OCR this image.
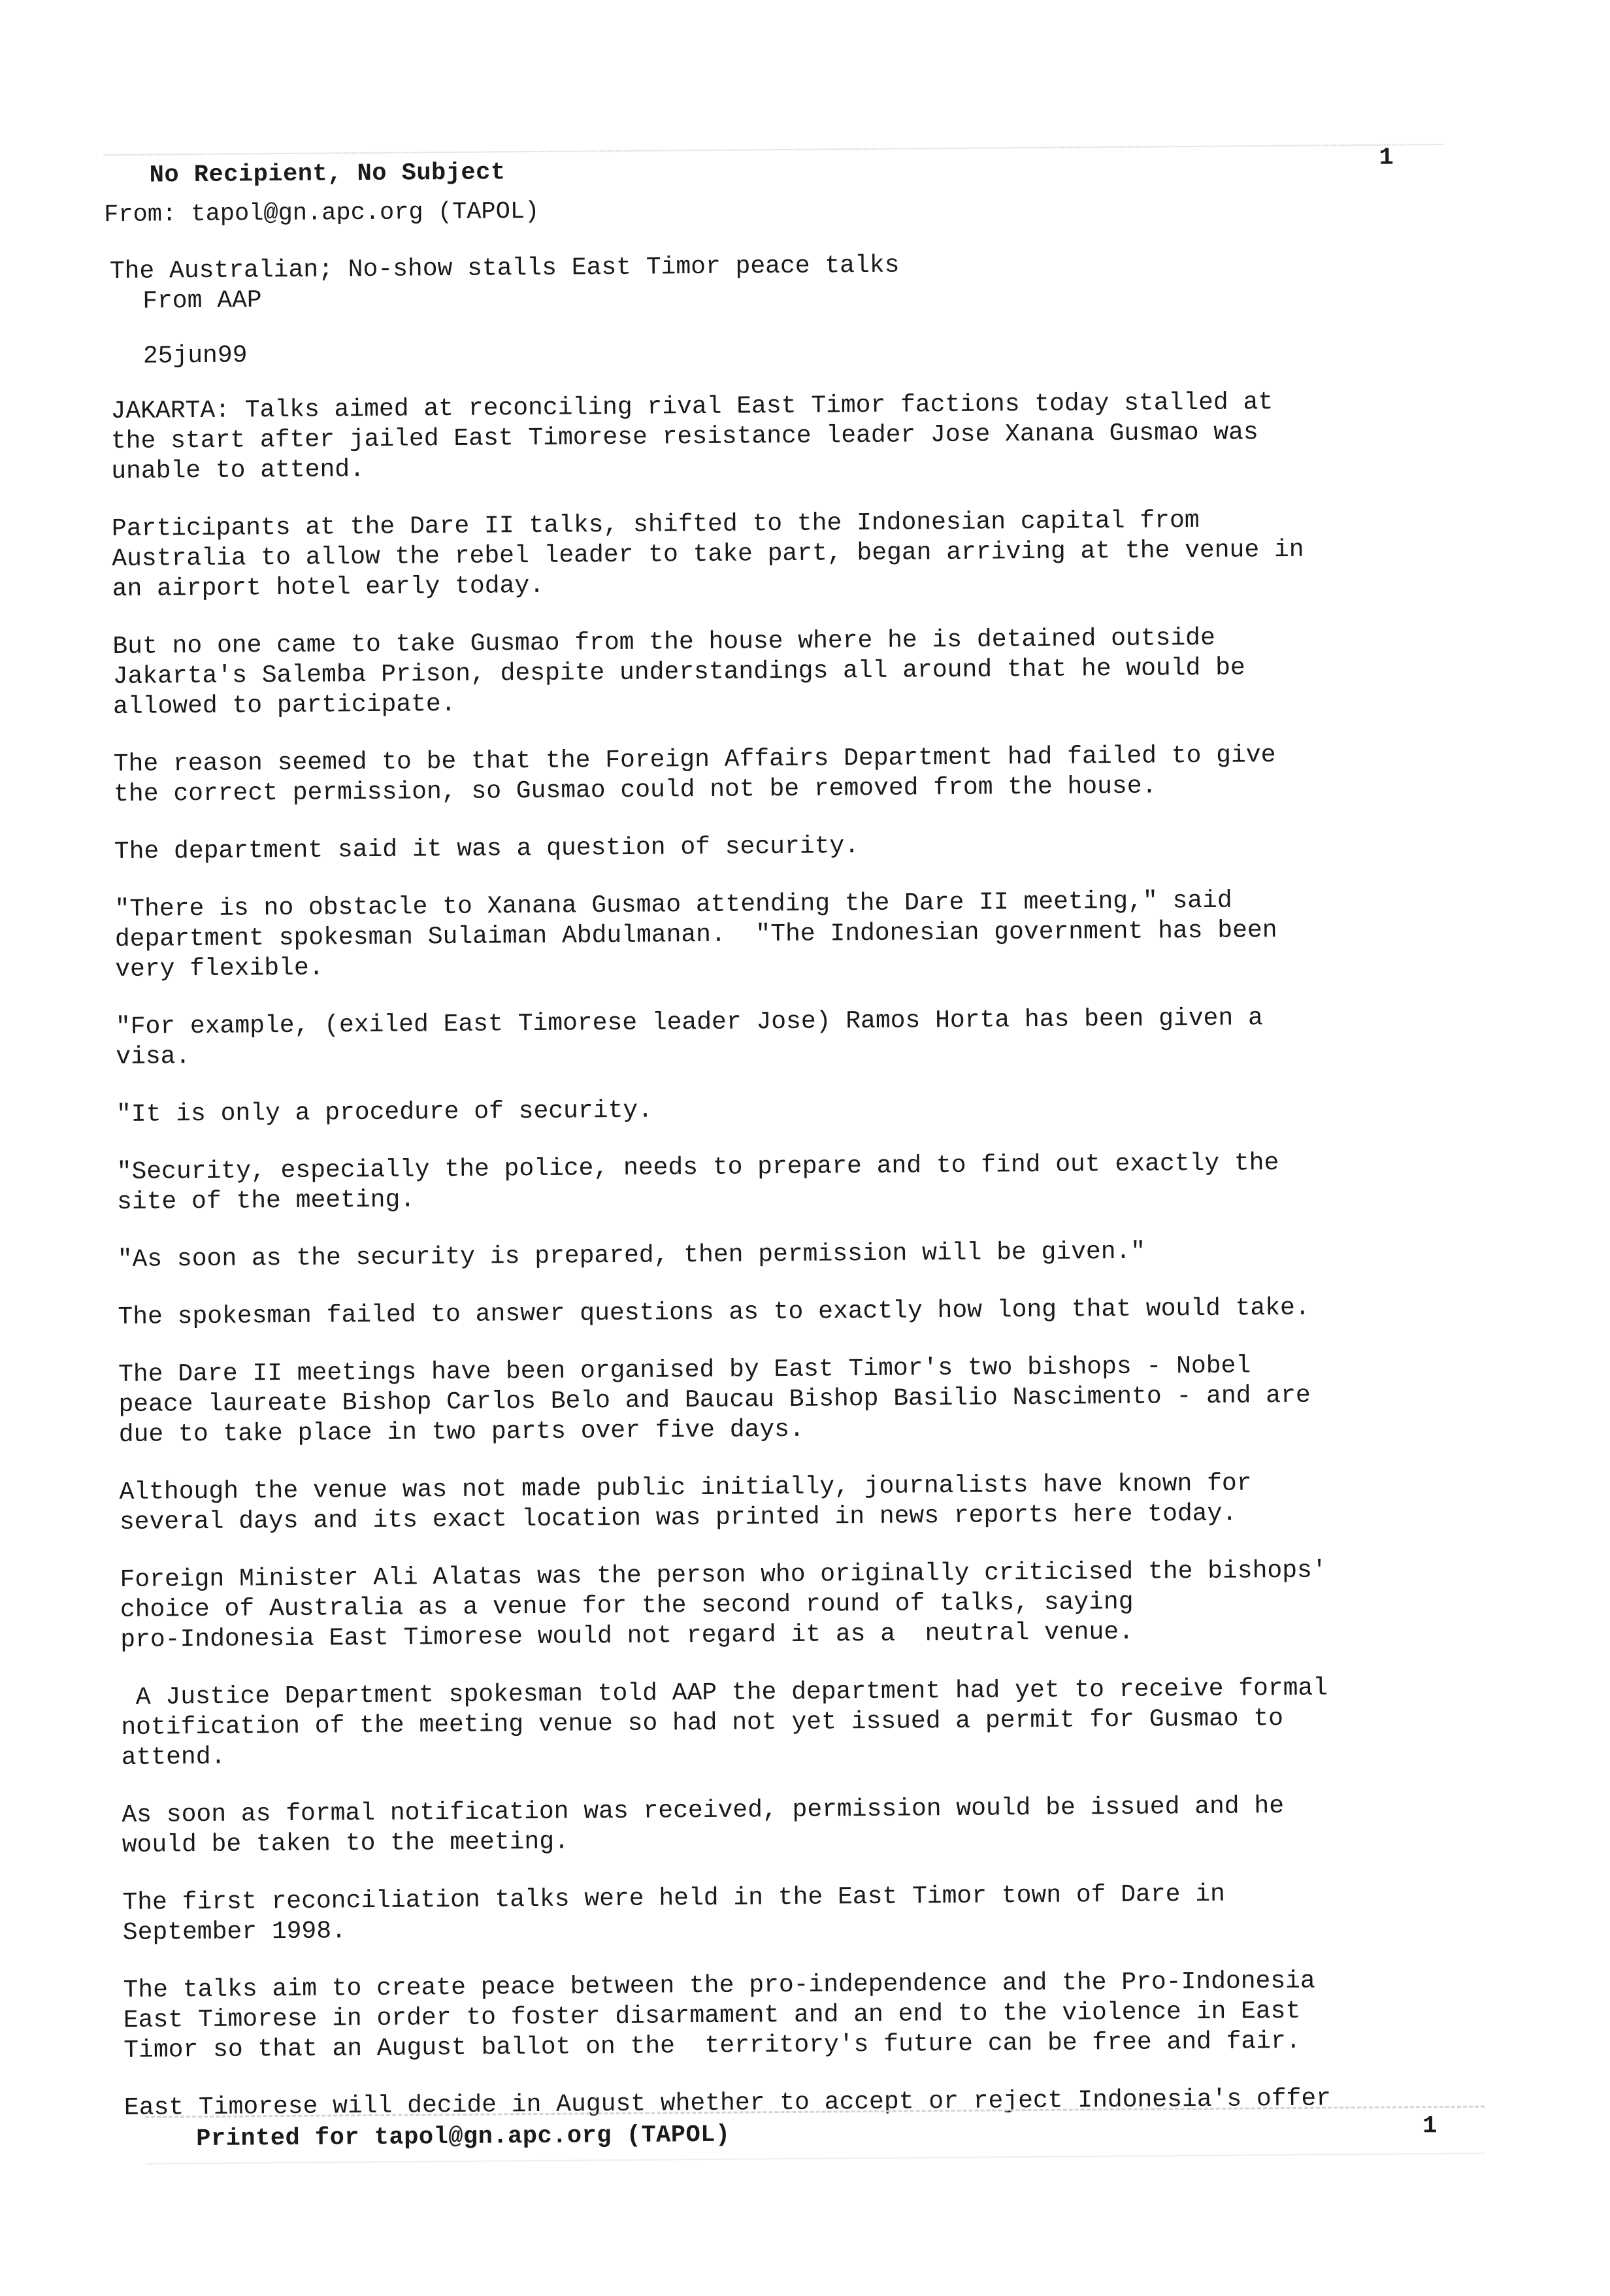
No Recipient, No Subject
1
From: tapol@gn.apc.org (TAPOL)

The Australian; No-show stalls East Timor peace talks

From AAP

25jun99

JAKARTA: Talks aimed at reconciling rival East Timor factions today stalled at
the start after jailed East Timorese resistance leader Jose Xanana Gusmao was
unable to attend.

Participants at the Dare II talks, shifted to the Indonesian capital from
Australia to allow the rebel leader to take part, began arriving at the venue in
an airport hotel early today.

But no one came to take Gusmao from the house where he is detained outside
Jakarta's Salemba Prison, despite understandings all around that he would be
allowed to participate.

The reason seemed to be that the Foreign Affairs Department had failed to give
the correct permission, so Gusmao could not be removed from the house.

The department said it was a question of security.

"There is no obstacle to Xanana Gusmao attending the Dare II meeting," said
department spokesman Sulaiman Abdulmanan.  "The Indonesian government has been
very flexible.

"For example, (exiled East Timorese leader Jose) Ramos Horta has been given a
visa.

"It is only a procedure of security.

"Security, especially the police, needs to prepare and to find out exactly the
site of the meeting.

"As soon as the security is prepared, then permission will be given."

The spokesman failed to answer questions as to exactly how long that would take.

The Dare II meetings have been organised by East Timor's two bishops - Nobel
peace laureate Bishop Carlos Belo and Baucau Bishop Basilio Nascimento - and are
due to take place in two parts over five days.

Although the venue was not made public initially, journalists have known for
several days and its exact location was printed in news reports here today.

Foreign Minister Ali Alatas was the person who originally criticised the bishops'
choice of Australia as a venue for the second round of talks, saying
pro-Indonesia East Timorese would not regard it as a  neutral venue.

A Justice Department spokesman told AAP the department had yet to receive formal
notification of the meeting venue so had not yet issued a permit for Gusmao to
attend.

As soon as formal notification was received, permission would be issued and he
would be taken to the meeting.

The first reconciliation talks were held in the East Timor town of Dare in
September 1998.

The talks aim to create peace between the pro-independence and the Pro-Indonesia
East Timorese in order to foster disarmament and an end to the violence in East
Timor so that an August ballot on the  territory's future can be free and fair.

East Timorese will decide in August whether to accept or reject Indonesia's offer

Printed for tapol@gn.apc.org (TAPOL)	1
